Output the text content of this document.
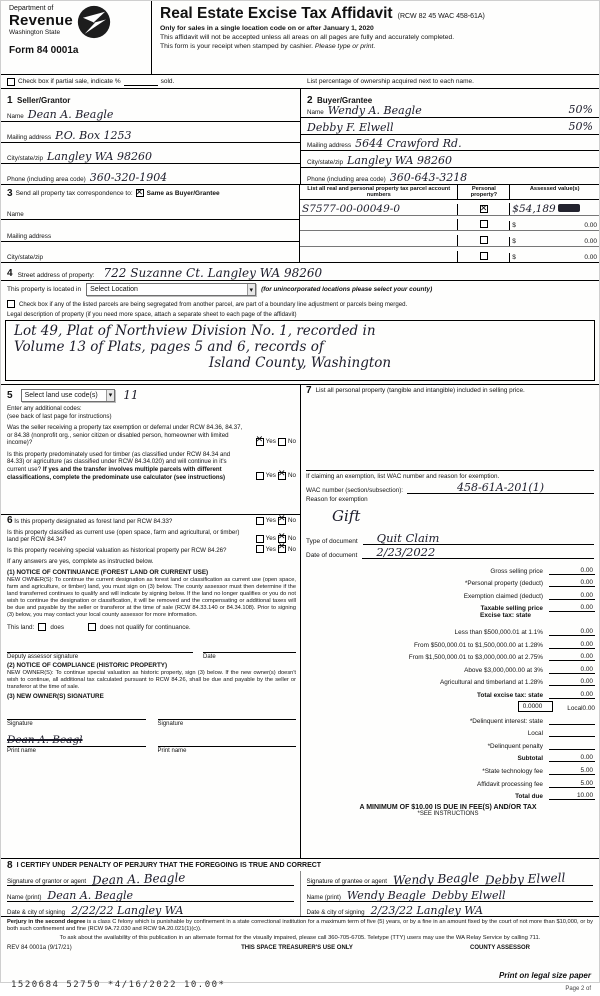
Department of
Revenue
Washington State
Form 84 0001a
Real Estate Excise Tax Affidavit (RCW 82 45 WAC 458-61A)
Only for sales in a single location code on or after January 1, 2020
This affidavit will not be accepted unless all areas on all pages are fully and accurately completed.
This form is your receipt when stamped by cashier. Please type or print.
Check box if partial sale, indicate %	sold.	List percentage of ownership acquired next to each name.
1 Seller/Grantor
Name Dean A. Beagle
Mailing address P.O. Box 1253
City/state/zip Langley WA 98260
Phone (including area code) 360-320-1904
2 Buyer/Grantee
Name Wendy A. Beagle	50%
Debby F. Elwell	50%
Mailing address 5644 Crawford Rd.
City/state/zip Langley WA 98260
Phone (including area code) 360-643-3218
3 Send all property tax correspondence to: ✕ Same as Buyer/Grantee
Name
Mailing address
City/state/zip
List all real and personal property tax parcel account numbers
Personal property?
Assessed value(s)
S7577-00-00049-0 ✕	$54,189
$	0.00
$	0.00
$	0.00
4 Street address of property: 722 Suzanne Ct. Langley WA 98260
This property is located in Select Location	▾	(for unincorporated locations please select your county)
Check box if any of the listed parcels are being segregated from another parcel, are part of a boundary line adjustment or parcels being merged.
Legal description of property (if you need more space, attach a separate sheet to each page of the affidavit)
Lot 49, Plat of Northview Division No. 1, recorded in
Volume 13 of Plats, pages 5 and 6, records of
Island County, Washington
5 Select land use code(s)	▾ 11
Enter any additional codes:
(see back of last page for instructions)
Was the seller receiving a property tax exemption or deferral under RCW 84.36, 84.37, or 84.38 (nonprofit org., senior citizen or disabled person, homeowner with limited income)? ✕	Yes No
Is this property predominately used for timber (as classified under RCW 84.34 and 84.33) or agriculture (as classified under RCW 84.34.020) and will continue in it's current use? If yes and the transfer involves multiple parcels with different classifications, complete the predominate use calculator (see instructions)	Yes ✕ No
6 Is this property designated as forest land per RCW 84.33?	Yes ✕ No
Is this property classified as current use (open space, farm and agricultural, or timber) land per RCW 84.34?	Yes ✕ No
Is this property receiving special valuation as historical property per RCW 84.26?	Yes ✕ No
If any answers are yes, complete as instructed below.
(1) NOTICE OF CONTINUANCE (FOREST LAND OR CURRENT USE)
NEW OWNER(S): To continue the current designation as forest land or classification as current use (open space, farm and agriculture, or timber) land, you must sign on (3) below. The county assessor must then determine if the land transferred continues to qualify and will indicate by signing below. If the land no longer qualifies or you do not wish to continue the designation or classification, it will be removed and the compensating or additional taxes will be due and payable by the seller or transferor at the time of sale (RCW 84.33.140 or 84.34.108). Prior to signing (3) below, you may contact your local county assessor for more information.
This land:	does	does not qualify for continuance.
Deputy assessor signature	Date
(2) NOTICE OF COMPLIANCE (HISTORIC PROPERTY)
NEW OWNER(S): To continue special valuation as historic property, sign (3) below. If the new owner(s) doesn't wish to continue, all additional tax calculated pursuant to RCW 84.26, shall be due and payable by the seller or transferor at the time of sale.
(3) NEW OWNER(S) SIGNATURE
Signature	Signature
Dean A. Beagl
Print name	Print name
7 List all personal property (tangible and intangible) included in selling price.
If claiming an exemption, list WAC number and reason for exemption.
WAC number (section/subsection):	458-61A-201(1)
Reason for exemption
Gift
Type of document	Quit Claim
Date of document	2/23/2022
Gross selling price	0.00
*Personal property (deduct)	0.00
Exemption claimed (deduct)	0.00
Taxable selling price	0.00
Excise tax: state
Less than $500,000.01 at 1.1%	0.00
From $500,000.01 to $1,500,000.00 at 1.28%	0.00
From $1,500,000.01 to $3,000,000.00 at 2.75%	0.00
Above $3,000,000.00 at 3%	0.00
Agricultural and timberland at 1.28%	0.00
Total excise tax: state	0.00
0.0000	Local 0.00
*Delinquent interest: state
Local
*Delinquent penalty
Subtotal	0.00
*State technology fee	5.00
Affidavit processing fee	5.00
Total due	10.00
A MINIMUM OF $10.00 IS DUE IN FEE(S) AND/OR TAX
*SEE INSTRUCTIONS
8 I CERTIFY UNDER PENALTY OF PERJURY THAT THE FOREGOING IS TRUE AND CORRECT
Signature of grantor or agent Dean A. Beagle
Name (print) Dean A. Beagle
Date & city of signing 2/22/22 Langley WA
Signature of grantee or agent Wendy Beagle Debby Elwell
Name (print) Wendy Beagle Debby Elwell
Date & city of signing 2/23/22 Langley WA
Perjury in the second degree is a class C felony which is punishable by confinement in a state correctional institution for a maximum term of five (5) years, or by a fine in an amount fixed by the court of not more than $10,000, or by both such confinement and fine (RCW 9A.72.030 and RCW 9A.20.021(1)(c)).
To ask about the availability of this publication in an alternate format for the visually impaired, please call 360-705-6705. Teletype (TTY) users may use the WA Relay Service by calling 711.
REV 84 0001a (9/17/21)	THIS SPACE TREASURER'S USE ONLY	COUNTY ASSESSOR
1520684 52750 *4/16/2022 10.00*
Print on legal size paper
Page 2 of
